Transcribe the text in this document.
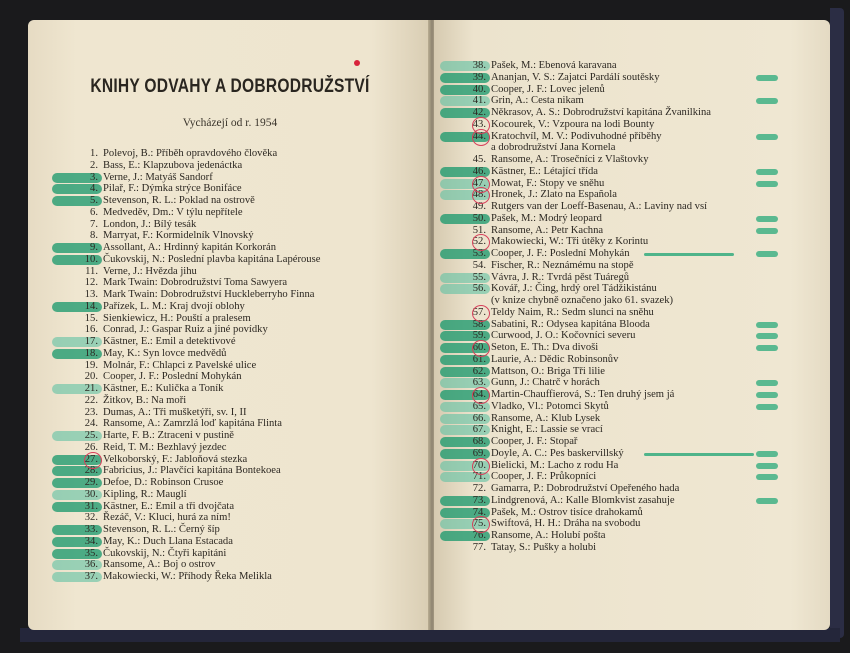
KNIHY ODVAHY A DOBRODRUŽSTVÍ
Vycházejí od r. 1954
1. Polevoj, B.: Příběh opravdového člověka
2. Bass, E.: Klapzubova jedenáctka
3. Verne, J.: Matyáš Sandorf
4. Pilař, F.: Dýmka strýce Bonifáce
5. Stevenson, R. L.: Poklad na ostrově
6. Medveděv, Dm.: V týlu nepřítele
7. London, J.: Bílý tesák
8. Marryat, F.: Kormidelník Vlnovský
9. Assollant, A.: Hrdinný kapitán Korkorán
10. Čukovskij, N.: Poslední plavba kapitána Lapérouse
11. Verne, J.: Hvězda jihu
12. Mark Twain: Dobrodružství Toma Sawyera
13. Mark Twain: Dobrodružství Huckleberryho Finna
14. Pařízek, L. M.: Kraj dvojí oblohy
15. Sienkiewicz, H.: Pouští a pralesem
16. Conrad, J.: Gaspar Ruiz a jiné povídky
17. Kästner, E.: Emil a detektivové
18. May, K.: Syn lovce medvědů
19. Molnár, F.: Chlapci z Pavelské ulice
20. Cooper, J. F.: Poslední Mohykán
21. Kästner, E.: Kulička a Toník
22. Žitkov, B.: Na moři
23. Dumas, A.: Tři mušketýři, sv. I, II
24. Ransome, A.: Zamrzlá loď kapitána Flinta
25. Harte, F. B.: Ztraceni v pustině
26. Reid, T. M.: Bezhlavý jezdec
27. Velkoborský, F.: Jabloňová stezka
28. Fabricius, J.: Plavčíci kapitána Bontekoea
29. Defoe, D.: Robinson Crusoe
30. Kipling, R.: Mauglí
31. Kästner, E.: Emil a tři dvojčata
32. Řezáč, V.: Kluci, hurá za ním!
33. Stevenson, R. L.: Černý šíp
34. May, K.: Duch Llana Estacada
35. Čukovskij, N.: Čtyři kapitáni
36. Ransome, A.: Boj o ostrov
37. Makowiecki, W.: Příhody Řeka Melikla
38. Pašek, M.: Ebenová karavana
39. Ananjan, V. S.: Zajatci Pardálí soutěsky
40. Cooper, J. F.: Lovec jelenů
41. Grin, A.: Cesta nikam
42. Někrasov, A. S.: Dobrodružství kapitána Žvanilkina
43. Kocourek, V.: Vzpoura na lodi Bounty
44. Kratochvíl, M. V.: Podivuhodné příběhy
a dobrodružství Jana Kornela
45. Ransome, A.: Trosečníci z Vlaštovky
46. Kästner, E.: Létající třída
47. Mowat, F.: Stopy ve sněhu
48. Hronek, J.: Zlato na Española
49. Rutgers van der Loeff-Basenau, A.: Laviny nad vsí
50. Pašek, M.: Modrý leopard
51. Ransome, A.: Petr Kachna
52. Makowiecki, W.: Tři útěky z Korintu
53. Cooper, J. F.: Poslední Mohykán
54. Fischer, R.: Neznámému na stopě
55. Vávra, J. R.: Tvrdá pěst Tuáregů
56. Kovář, J.: Čing, hrdý orel Tádžikistánu
(v knize chybně označeno jako 61. svazek)
57. Teldy Naim, R.: Sedm slunci na sněhu
58. Sabatini, R.: Odysea kapitána Blooda
59. Curwood, J. O.: Kočovníci severu
60. Seton, E. Th.: Dva divoši
61. Laurie, A.: Dědic Robinsonův
62. Mattson, O.: Briga Tři lilie
63. Gunn, J.: Chatrč v horách
64. Martin-Chauffierová, S.: Ten druhý jsem já
65. Vladko, Vl.: Potomci Skytů
66. Ransome, A.: Klub Lysek
67. Knight, E.: Lassie se vrací
68. Cooper, J. F.: Stopař
69. Doyle, A. C.: Pes baskervillský
70. Bielicki, M.: Lacho z rodu Ha
71. Cooper, J. F.: Průkopníci
72. Gamarra, P.: Dobrodružství Opeřeného hada
73. Lindgrenová, A.: Kalle Blomkvist zasahuje
74. Pašek, M.: Ostrov tisíce drahokamů
75. Swiftová, H. H.: Dráha na svobodu
76. Ransome, A.: Holubí pošta
77. Tatay, S.: Pušky a holubi
